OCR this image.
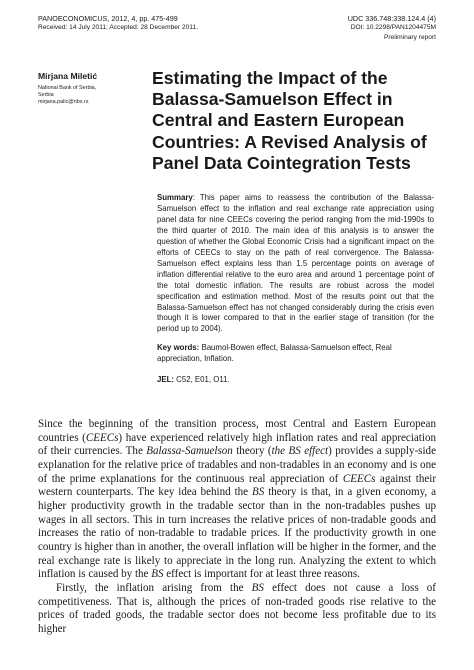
PANOECONOMICUS, 2012, 4, pp. 475-499
Received: 14 July 2011; Accepted: 28 December 2011.
UDC 336.748:338.124.4 (4)
DOI: 10.2298/PAN1204475M
Preliminary report
Mirjana Miletić
National Bank of Serbia,
Serbia
mirjana.palic@nbs.rs
Estimating the Impact of the Balassa-Samuelson Effect in Central and Eastern European Countries: A Revised Analysis of Panel Data Cointegration Tests
Summary: This paper aims to reassess the contribution of the Balassa-Samuelson effect to the inflation and real exchange rate appreciation using panel data for nine CEECs covering the period ranging from the mid-1990s to the third quarter of 2010. The main idea of this analysis is to answer the question of whether the Global Economic Crisis had a significant impact on the efforts of CEECs to stay on the path of real convergence. The Balassa-Samuelson effect explains less than 1.5 percentage points on average of inflation differential relative to the euro area and around 1 percentage point of the total domestic inflation. The results are robust across the model specification and estimation method. Most of the results point out that the Balassa-Samuelson effect has not changed considerably during the crisis even though it is lower compared to that in the earlier stage of transition (for the period up to 2004).
Key words: Baumol-Bowen effect, Balassa-Samuelson effect, Real appreciation, Inflation.
JEL: C52, E01, O11.

Since the beginning of the transition process, most Central and Eastern European countries (CEECs) have experienced relatively high inflation rates and real appreciation of their currencies. The Balassa-Samuelson theory (the BS effect) provides a supply-side explanation for the relative price of tradables and non-tradables in an economy and is one of the prime explanations for the continuous real appreciation of CEECs against their western counterparts. The key idea behind the BS theory is that, in a given economy, a higher productivity growth in the tradable sector than in the non-tradables pushes up wages in all sectors. This in turn increases the relative prices of non-tradable goods and increases the ratio of non-tradable to tradable prices. If the productivity growth in one country is higher than in another, the overall inflation will be higher in the former, and the real exchange rate is likely to appreciate in the long run. Analyzing the extent to which inflation is caused by the BS effect is important for at least three reasons.

Firstly, the inflation arising from the BS effect does not cause a loss of competitiveness. That is, although the prices of non-traded goods rise relative to the prices of traded goods, the tradable sector does not become less profitable due to its higher
